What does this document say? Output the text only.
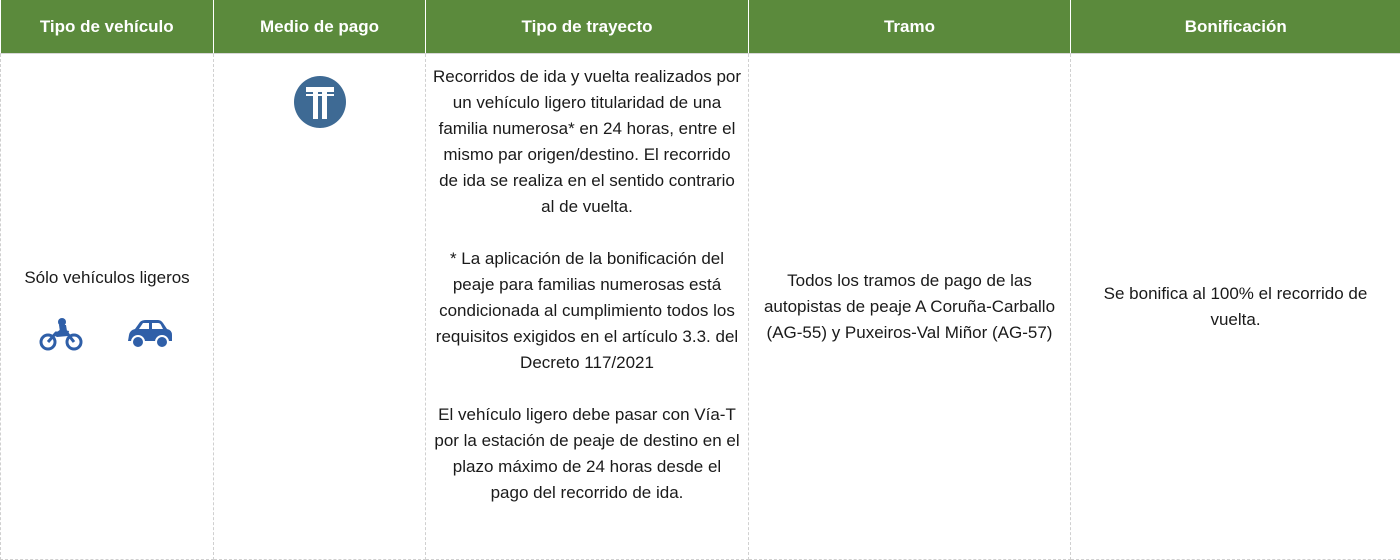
Tipo de vehículo	Medio de pago	Tipo de trayecto	Tramo	Bonificación

Sólo vehículos ligeros		Recorridos de ida y vuelta realizados por un vehículo ligero titularidad de una familia numerosa* en 24 horas, entre el mismo par origen/destino. El recorrido de ida se realiza en el sentido contrario al de vuelta.

* La aplicación de la bonificación del peaje para familias numerosas está condicionada al cumplimiento todos los requisitos exigidos en el artículo 3.3. del Decreto 117/2021

El vehículo ligero debe pasar con Vía-T por la estación de peaje de destino en el plazo máximo de 24 horas desde el pago del recorrido de ida.	Todos los tramos de pago de las autopistas de peaje A Coruña-Carballo (AG-55) y Puxeiros-Val Miñor (AG-57)	Se bonifica al 100% el recorrido de vuelta.
